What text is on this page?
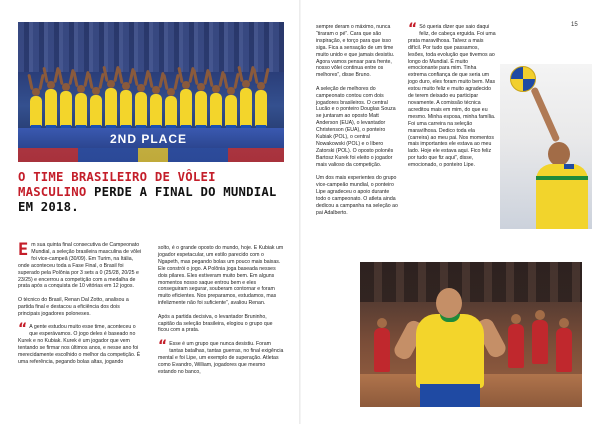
2ND PLACE
O TIME BRASILEIRO DE VÔLEI MASCULINO PERDE A FINAL DO MUNDIAL EM 2018.

Em sua quinta final consecutiva de Campeonato Mundial, a seleção brasileira masculina de vôlei foi vice-campeã (30/09). Em Turim, na Itália, onde aconteceu toda a Fase Final, o Brasil foi superado pela Polônia por 3 sets a 0 (25/28, 20/25 e 23/25) e encerrou a competição com a medalha de prata após a conquista de 10 vitórias em 12 jogos.

O técnico do Brasil, Renan Dal Zotto, analisou a partida final e destacou a eficiência dos dois principais jogadores poloneses.

“ A gente estudou muito esse time, aconteceu o que esperávamos. O jogo deles é baseado no Kurek e no Kubiak. Kurek é um jogador que vem tentando se firmar nos últimos anos, e nesse ano foi merecidamente escolhido o melhor da competição. É uma referência, pegando bolas altas, jogando

solto, é o grande oposto do mundo, hoje. E Kubiak um jogador espetacular, um estilo parecido com o Ngapeth, mas pegando bolas um pouco mais baixas. Ele constrói o jogo. A Polônia joga baseada nesses dois pilares. Eles estiveram muito bem. Em alguns momentos nosso saque entrou bem e eles conseguiram segurar, souberam contornar e foram muito eficientes. Nos preparamos, estudamos, mas infelizmente não foi suficiente”, avaliou Renan.

Após a partida decisiva, o levantador Bruninho, capitão da seleção brasileira, elogiou o grupo que ficou com a prata.

“ Esse é um grupo que nunca desistiu. Foram tantas batalhas, tantas guerras, no final exigência mental e foi Lipe, um exemplo de superação. Atletas como Evandro, William, jogadores que mesmo estando no banco,

sempre deram o máximo, nunca “tiraram o pé”. Cara que são inspiração, e torço para que isso siga. Fica a sensação de um time muito unido e que jamais desistiu. Agora vamos pensar para frente, nosso vôlei continua entre os melhores”, disse Bruno.

A seleção de melhores do campeonato contou com dois jogadores brasileiros. O central Lucão e o ponteiro Douglas Souza se juntaram ao oposto Matt Anderson (EUA), o levantador Christenson (EUA), o ponteiro Kubiak (POL), o central Nowakowski (POL) e o líbero Zatorski (POL). O oposto polonês Bartosz Kurek foi eleito o jogador mais valioso da competição.

Um dos mais experientes do grupo vice-campeão mundial, o ponteiro Lipe agradeceu o apoio durante todo o campeonato. O atleta ainda dedicou a campanha na seleção ao pai Adalberto.

“ Só queria dizer que saio daqui feliz, de cabeça erguida. Foi uma prata maravilhosa. Talvez a mais difícil. Por tudo que passamos, lesões, toda evolução que tivemos ao longo do Mundial. É muito emocionante para mim. Tinha extrema confiança de que seria um jogo duro, eles foram muito bem. Mas estou muito feliz e muito agradecido de terem deixado eu participar novamente. A comissão técnica acreditou mais em mim, do que eu mesmo. Minha esposa, minha família. Foi uma carreira na seleção maravilhosa. Dedico toda ela (carreira) ao meu pai. Nos momentos mais importantes ele estava ao meu lado. Hoje ele estava aqui. Fico feliz por tudo que fiz aqui”, disse, emocionado, o ponteiro Lipe.

15
